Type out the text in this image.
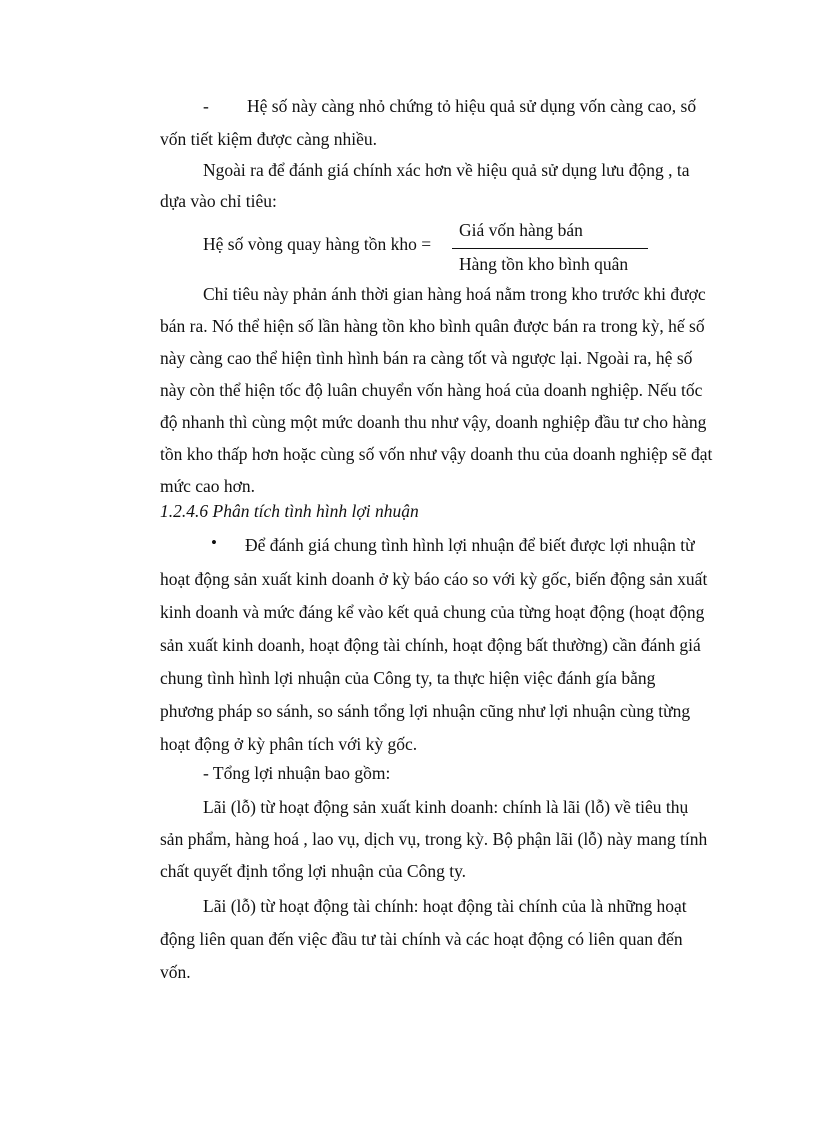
- Hệ số này càng nhỏ chứng tỏ hiệu quả sử dụng vốn càng cao, số
vốn tiết kiệm được càng nhiều.
Ngoài ra để đánh giá chính xác hơn về hiệu quả sử dụng lưu động , ta
dựa vào chỉ tiêu:
Hệ số vòng quay hàng tồn kho =
Giá vốn hàng bán
Hàng tồn kho bình quân
Chỉ tiêu này phản ánh thời gian hàng hoá nằm trong kho trước khi được
bán ra. Nó thể hiện số lần hàng tồn kho bình quân được bán ra trong kỳ, hế số
này càng cao thể hiện tình hình bán ra càng tốt và ngược lại. Ngoài ra, hệ số
này còn thể hiện tốc độ luân chuyển vốn hàng hoá của doanh nghiệp. Nếu tốc
độ nhanh thì cùng một mức doanh thu như vậy, doanh nghiệp đầu tư cho hàng
tồn kho thấp hơn hoặc cùng số vốn như vậy doanh thu của doanh nghiệp sẽ đạt
mức cao hơn.
1.2.4.6 Phân tích tình hình lợi nhuận
• Để đánh giá chung tình hình lợi nhuận để biết được lợi nhuận từ
hoạt động sản xuất kinh doanh ở kỳ báo cáo so với kỳ gốc, biến động sản xuất
kinh doanh và mức đáng kể vào kết quả chung của từng hoạt động (hoạt động
sản xuất kinh doanh, hoạt động tài chính, hoạt động bất thường) cần đánh giá
chung tình hình lợi nhuận của Công ty, ta thực hiện việc đánh gía bằng
phương pháp so sánh, so sánh tổng lợi nhuận cũng như lợi nhuận cùng từng
hoạt động ở kỳ phân tích với kỳ gốc.
- Tổng lợi nhuận bao gồm:
Lãi (lỗ) từ hoạt động sản xuất kinh doanh: chính là lãi (lỗ) về tiêu thụ
sản phẩm, hàng hoá , lao vụ, dịch vụ, trong kỳ. Bộ phận lãi (lỗ) này mang tính
chất quyết định tổng lợi nhuận của Công ty.
Lãi (lỗ) từ hoạt động tài chính: hoạt động tài chính của là những hoạt
động liên quan đến việc đầu tư tài chính và các hoạt động có liên quan đến
vốn.
